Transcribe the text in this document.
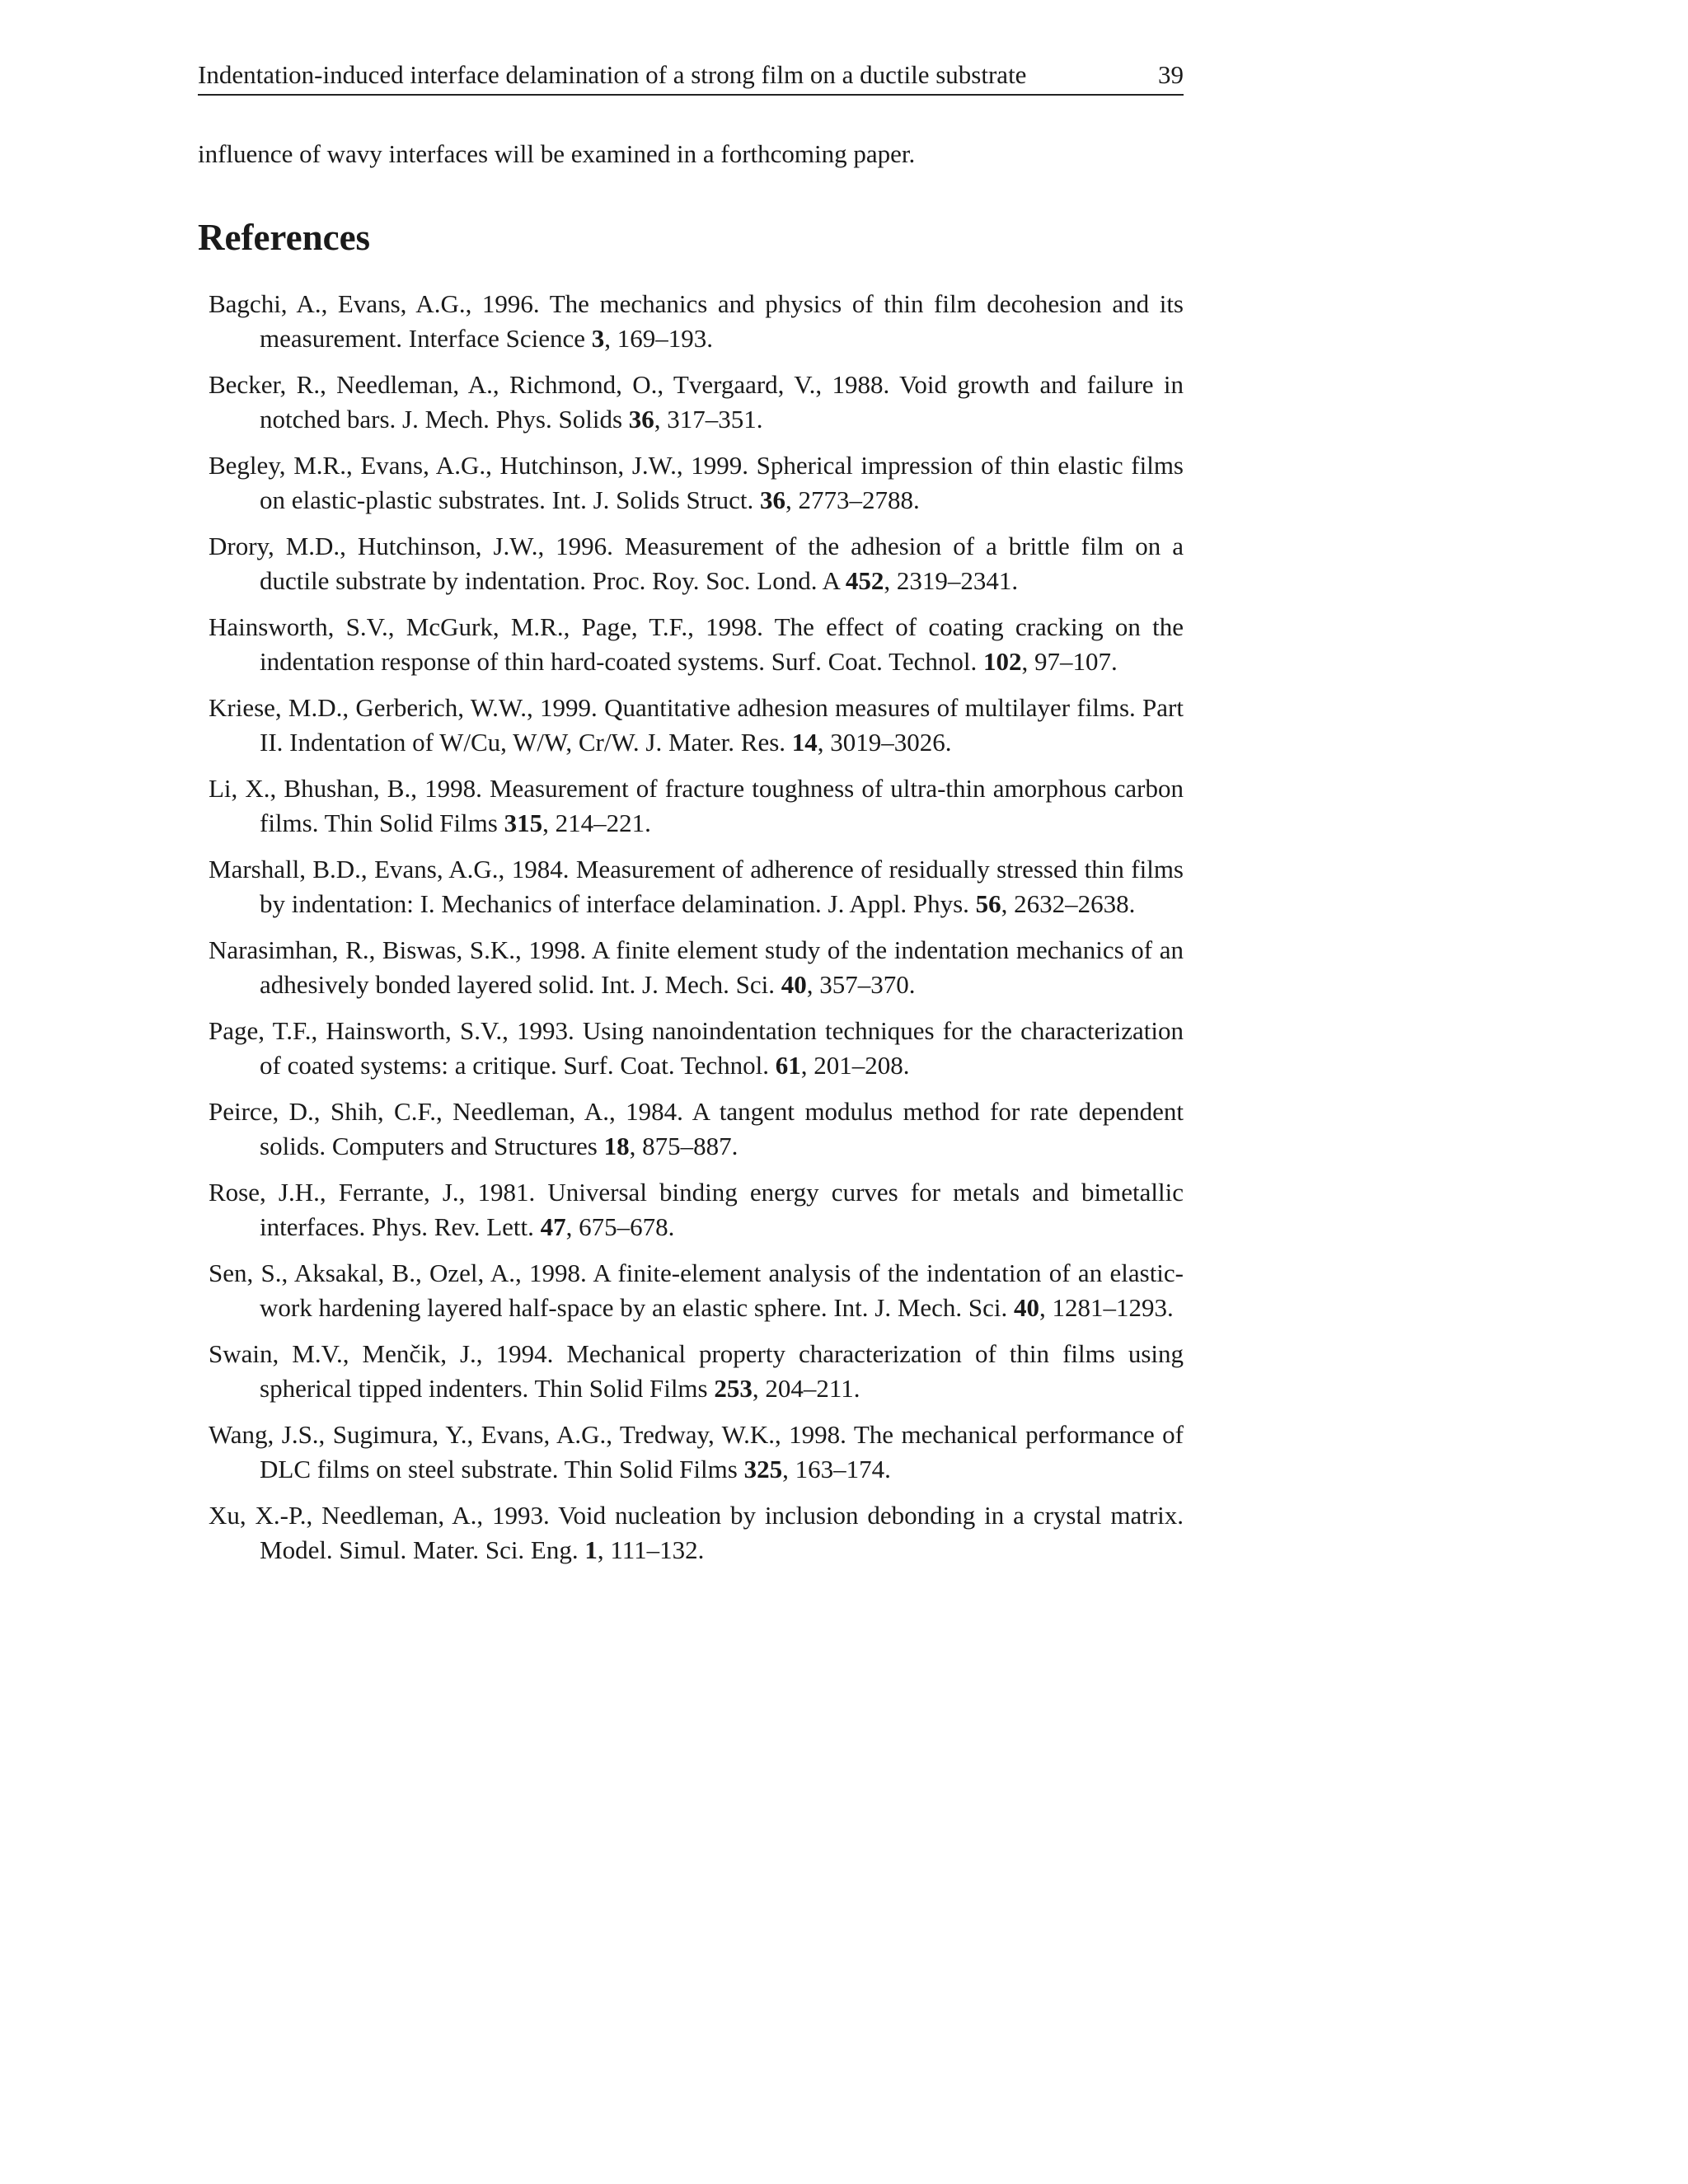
Indentation-induced interface delamination of a strong film on a ductile substrate	39
influence of wavy interfaces will be examined in a forthcoming paper.
References
Bagchi, A., Evans, A.G., 1996. The mechanics and physics of thin film decohesion and its measurement. Interface Science 3, 169–193.
Becker, R., Needleman, A., Richmond, O., Tvergaard, V., 1988. Void growth and failure in notched bars. J. Mech. Phys. Solids 36, 317–351.
Begley, M.R., Evans, A.G., Hutchinson, J.W., 1999. Spherical impression of thin elastic films on elastic-plastic substrates. Int. J. Solids Struct. 36, 2773–2788.
Drory, M.D., Hutchinson, J.W., 1996. Measurement of the adhesion of a brittle film on a ductile substrate by indentation. Proc. Roy. Soc. Lond. A 452, 2319–2341.
Hainsworth, S.V., McGurk, M.R., Page, T.F., 1998. The effect of coating cracking on the indentation response of thin hard-coated systems. Surf. Coat. Technol. 102, 97–107.
Kriese, M.D., Gerberich, W.W., 1999. Quantitative adhesion measures of multilayer films. Part II. Indentation of W/Cu, W/W, Cr/W. J. Mater. Res. 14, 3019–3026.
Li, X., Bhushan, B., 1998. Measurement of fracture toughness of ultra-thin amorphous carbon films. Thin Solid Films 315, 214–221.
Marshall, B.D., Evans, A.G., 1984. Measurement of adherence of residually stressed thin films by indentation: I. Mechanics of interface delamination. J. Appl. Phys. 56, 2632–2638.
Narasimhan, R., Biswas, S.K., 1998. A finite element study of the indentation mechanics of an adhesively bonded layered solid. Int. J. Mech. Sci. 40, 357–370.
Page, T.F., Hainsworth, S.V., 1993. Using nanoindentation techniques for the characterization of coated systems: a critique. Surf. Coat. Technol. 61, 201–208.
Peirce, D., Shih, C.F., Needleman, A., 1984. A tangent modulus method for rate dependent solids. Computers and Structures 18, 875–887.
Rose, J.H., Ferrante, J., 1981. Universal binding energy curves for metals and bimetallic interfaces. Phys. Rev. Lett. 47, 675–678.
Sen, S., Aksakal, B., Ozel, A., 1998. A finite-element analysis of the indentation of an elastic-work hardening layered half-space by an elastic sphere. Int. J. Mech. Sci. 40, 1281–1293.
Swain, M.V., Menčik, J., 1994. Mechanical property characterization of thin films using spherical tipped indenters. Thin Solid Films 253, 204–211.
Wang, J.S., Sugimura, Y., Evans, A.G., Tredway, W.K., 1998. The mechanical performance of DLC films on steel substrate. Thin Solid Films 325, 163–174.
Xu, X.-P., Needleman, A., 1993. Void nucleation by inclusion debonding in a crystal matrix. Model. Simul. Mater. Sci. Eng. 1, 111–132.
